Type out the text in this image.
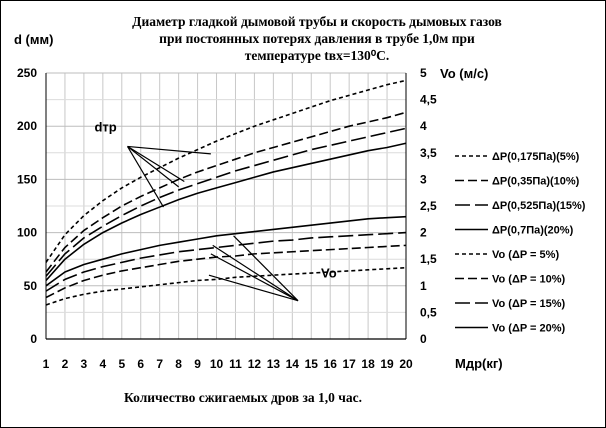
Диаметр гладкой дымовой трубы и скорость дымовых газов
при постоянных потерях давления в трубе 1,0м при
температуре tвх=130⁰С.
d (мм)
Vo (м/с)
Мдр(кг)
Количество сжигаемых дров за 1,0 час.
dтр
Vo
1 2 3 4 5 6 7 8 9 10 11 12 13 14 15 16 17 18 19 20
0
0,5
1
1,5
2
2,5
3
3,5
4
4,5
5
0
50
100
150
200
250
ΔP(0,175Па)(5%)
ΔP(0,35Па)(10%)
ΔP(0,525Па)(15%)
ΔP(0,7Па)(20%)
Vo (ΔP = 5%)
Vo (ΔP = 10%)
Vo (ΔP = 15%)
Vo (ΔP = 20%)
